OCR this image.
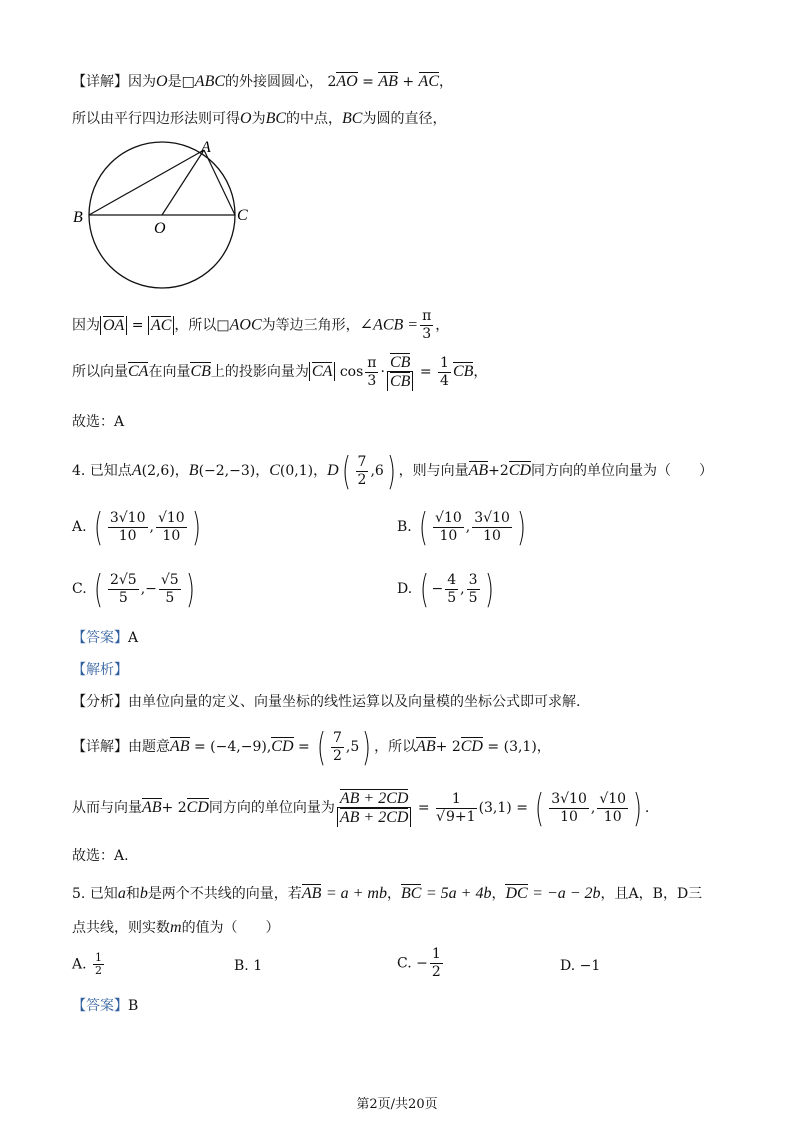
【详解】因为O是□ABC的外接圆圆心， 2AO = AB + AC，
所以由平行四边形法则可得O为BC的中点，BC为圆的直径，
A
B	C
O
因为 OA = AC ，所以□AOC为等边三角形，∠ACB = $\frac{\pi}{3}$ ，
所以向量CA在向量CB上的投影向量为 CA $\cos \frac{\pi}{3} \cdot \frac{CB}{CB} = \frac{1}{4}$ CB，
故选：A
4. 已知点A(2,6)，B(−2,−3)，C(0,1)，$D( \frac{7}{2} ,6)$ ，则与向量AB+2CD同方向的单位向量为（　　）
A. ( $\frac{3√10}{10}$ , $\frac{√10}{10}$ )	B. ( $\frac{√10}{10}$ , $\frac{3√10}{10}$ )
C. ( $\frac{2√5}{5}$ ,− $\frac{√5}{5}$ )	D. ( − $\frac{4}{5}$ , $\frac{3}{5}$ )
【答案】A
【解析】
【分析】由单位向量的定义、向量坐标的线性运算以及向量模的坐标公式即可求解.
【详解】由题意AB = (−4,−9),CD = ( $\frac{7}{2} ,5$) ，所以AB+ 2CD = (3,1)，
从而与向量AB+ 2CD同方向的单位向量为 $\frac{AB + 2CD}{AB + 2CD} = \frac{1}{√9+1} (3,1)$ = ( $\frac{3√10}{10}$ , $\frac{√10}{10}$ ) .
故选：A.
5. 已知a和b是两个不共线的向量，若AB = a + mb，BC = 5a + 4b，DC = −a − 2b，且A，B，D三
点共线，则实数m的值为（　　）
A. $\frac{1}{2}$	B. 1	C. − $\frac{1}{2}$	D. −1
【答案】B
第2页/共20页
